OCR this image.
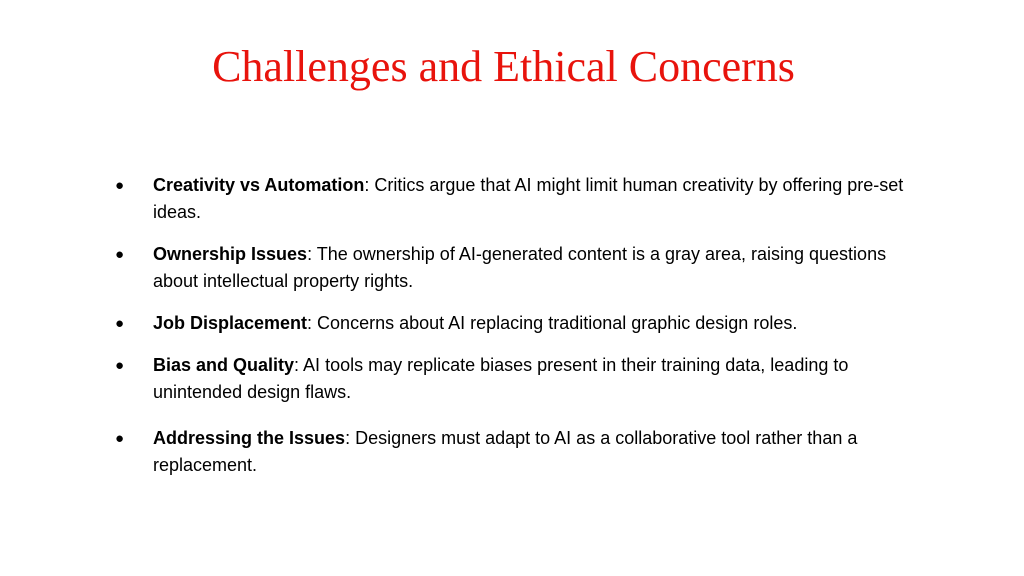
Challenges and Ethical Concerns
● Creativity vs Automation: Critics argue that AI might limit human creativity by offering pre-set ideas.
● Ownership Issues: The ownership of AI-generated content is a gray area, raising questions about intellectual property rights.
● Job Displacement: Concerns about AI replacing traditional graphic design roles.
● Bias and Quality: AI tools may replicate biases present in their training data, leading to unintended design flaws.
● Addressing the Issues: Designers must adapt to AI as a collaborative tool rather than a replacement.
